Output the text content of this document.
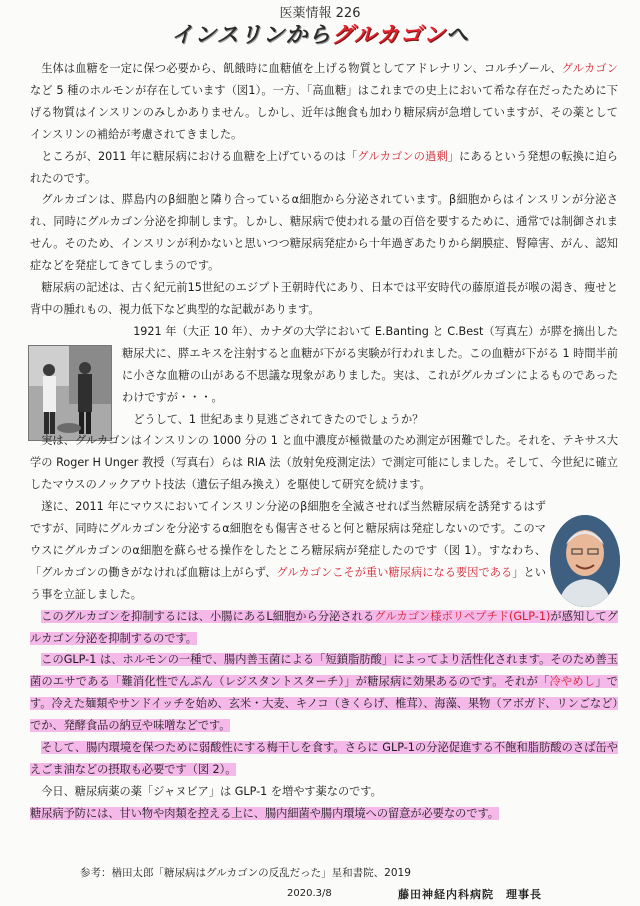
医薬情報 226
インスリンからグルカゴンへ

生体は血糖を一定に保つ必要から、飢餓時に血糖値を上げる物質としてアドレナリン、コルチゾール、グルカゴンなど 5 種のホルモンが存在しています（図1）。一方、「高血糖」はこれまでの史上において希な存在だったために下げる物質はインスリンのみしかありません。しかし、近年は飽食も加わり糖尿病が急増していますが、その薬としてインスリンの補給が考慮されてきました。

ところが、2011 年に糖尿病における血糖を上げているのは「グルカゴンの過剰」にあるという発想の転換に迫られたのです。

グルカゴンは、膵島内のβ細胞と隣り合っているα細胞から分泌されています。β細胞からはインスリンが分泌され、同時にグルカゴン分泌を抑制します。しかし、糖尿病で使われる量の百倍を要するために、通常では制御されません。そのため、インスリンが利かないと思いつつ糖尿病発症から十年過ぎあたりから網膜症、腎障害、がん、認知症などを発症してきてしまうのです。

糖尿病の記述は、古く紀元前15世紀のエジプト王朝時代にあり、日本では平安時代の藤原道長が喉の渇き、痩せと背中の腫れもの、視力低下など典型的な記載があります。

1921 年（大正 10 年）、カナダの大学において E.Banting と C.Best（写真左）が膵を摘出した糖尿犬に、膵エキスを注射すると血糖が下がる実験が行われました。この血糖が下がる 1 時間半前に小さな血糖の山がある不思議な現象がありました。実は、これがグルカゴンによるものであったわけですが・・・。

どうして、1 世紀あまり見逃ごされてきたのでしょうか？

実は、グルカゴンはインスリンの 1000 分の 1 と血中濃度が極微量のため測定が困難でした。それを、テキサス大学の Roger H Unger 教授（写真右）らは RIA 法（放射免疫測定法）で測定可能にしました。そして、今世紀に確立したマウスのノックアウト技法（遺伝子組み換え）を駆使して研究を続けます。

遂に、2011 年にマウスにおいてインスリン分泌のβ細胞を全滅させれば当然糖尿病を誘発するはずですが、同時にグルカゴンを分泌するα細胞をも傷害させると何と糖尿病は発症しないのです。このマウスにグルカゴンのα細胞を蘇らせる操作をしたところ糖尿病が発症したのです（図 1）。すなわち、「グルカゴンの働きがなければ血糖は上がらず、グルカゴンこそが重い糖尿病になる要因である」という事を立証しました。

このグルカゴンを抑制するには、小腸にあるL細胞から分泌されるグルカゴン様ポリペプチド(GLP-1)が感知してグルカゴン分泌を抑制するのです。

このGLP-1 は、ホルモンの一種で、腸内善玉菌による「短鎖脂肪酸」によってより活性化されます。そのため善玉菌のエサである「難消化性でんぷん（レジスタントスターチ）」が糖尿病に効果あるのです。それが「冷やめし」です。冷えた麺類やサンドイッチを始め、玄米・大麦、キノコ（きくらげ、椎茸）、海藻、果物（アボガド、リンごなど）でか、発酵食品の納豆や味噌などです。

そして、腸内環境を保つために弱酸性にする梅干しを食す。さらに GLP-1の分泌促進する不飽和脂肪酸のさば缶やえごま油などの摂取も必要です（図 2）。

今日、糖尿病薬の薬「ジャヌビア」は GLP-1 を増やす薬なのです。

糖尿病予防には、甘い物や肉類を控える上に、腸内細菌や腸内環境への留意が必要なのです。

参考：楢田太郎「糖尿病はグルカゴンの反乱だった」星和書院、2019
2020.3/8	藤田神経内科病院　理事長
